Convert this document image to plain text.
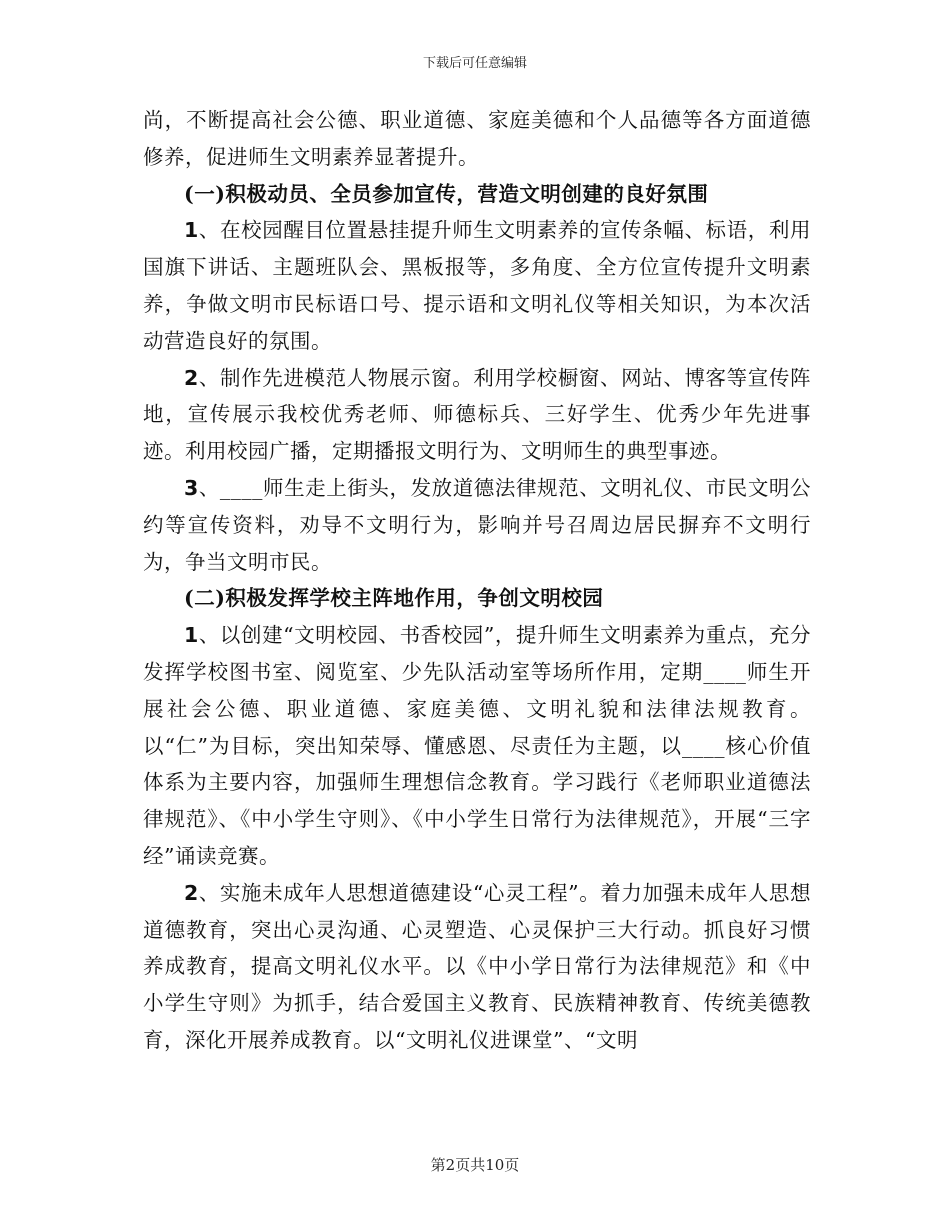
下载后可任意编辑

尚，不断提高社会公德、职业道德、家庭美德和个人品德等各方面道德修养，促进师生文明素养显著提升。

(一)积极动员、全员参加宣传，营造文明创建的良好氛围

1、在校园醒目位置悬挂提升师生文明素养的宣传条幅、标语，利用国旗下讲话、主题班队会、黑板报等，多角度、全方位宣传提升文明素养，争做文明市民标语口号、提示语和文明礼仪等相关知识，为本次活动营造良好的氛围。

2、制作先进模范人物展示窗。利用学校橱窗、网站、博客等宣传阵地，宣传展示我校优秀老师、师德标兵、三好学生、优秀少年先进事迹。利用校园广播，定期播报文明行为、文明师生的典型事迹。

3、____师生走上街头，发放道德法律规范、文明礼仪、市民文明公约等宣传资料，劝导不文明行为，影响并号召周边居民摒弃不文明行为，争当文明市民。

(二)积极发挥学校主阵地作用，争创文明校园

1、以创建“文明校园、书香校园”，提升师生文明素养为重点，充分发挥学校图书室、阅览室、少先队活动室等场所作用，定期____师生开展社会公德、职业道德、家庭美德、文明礼貌和法律法规教育。以“仁”为目标，突出知荣辱、懂感恩、尽责任为主题，以____核心价值体系为主要内容，加强师生理想信念教育。学习践行《老师职业道德法律规范》、《中小学生守则》、《中小学生日常行为法律规范》，开展“三字经”诵读竞赛。

2、实施未成年人思想道德建设“心灵工程”。着力加强未成年人思想道德教育，突出心灵沟通、心灵塑造、心灵保护三大行动。抓良好习惯养成教育，提高文明礼仪水平。以《中小学日常行为法律规范》和《中小学生守则》为抓手，结合爱国主义教育、民族精神教育、传统美德教育，深化开展养成教育。以“文明礼仪进课堂”、“文明

第2页共10页
